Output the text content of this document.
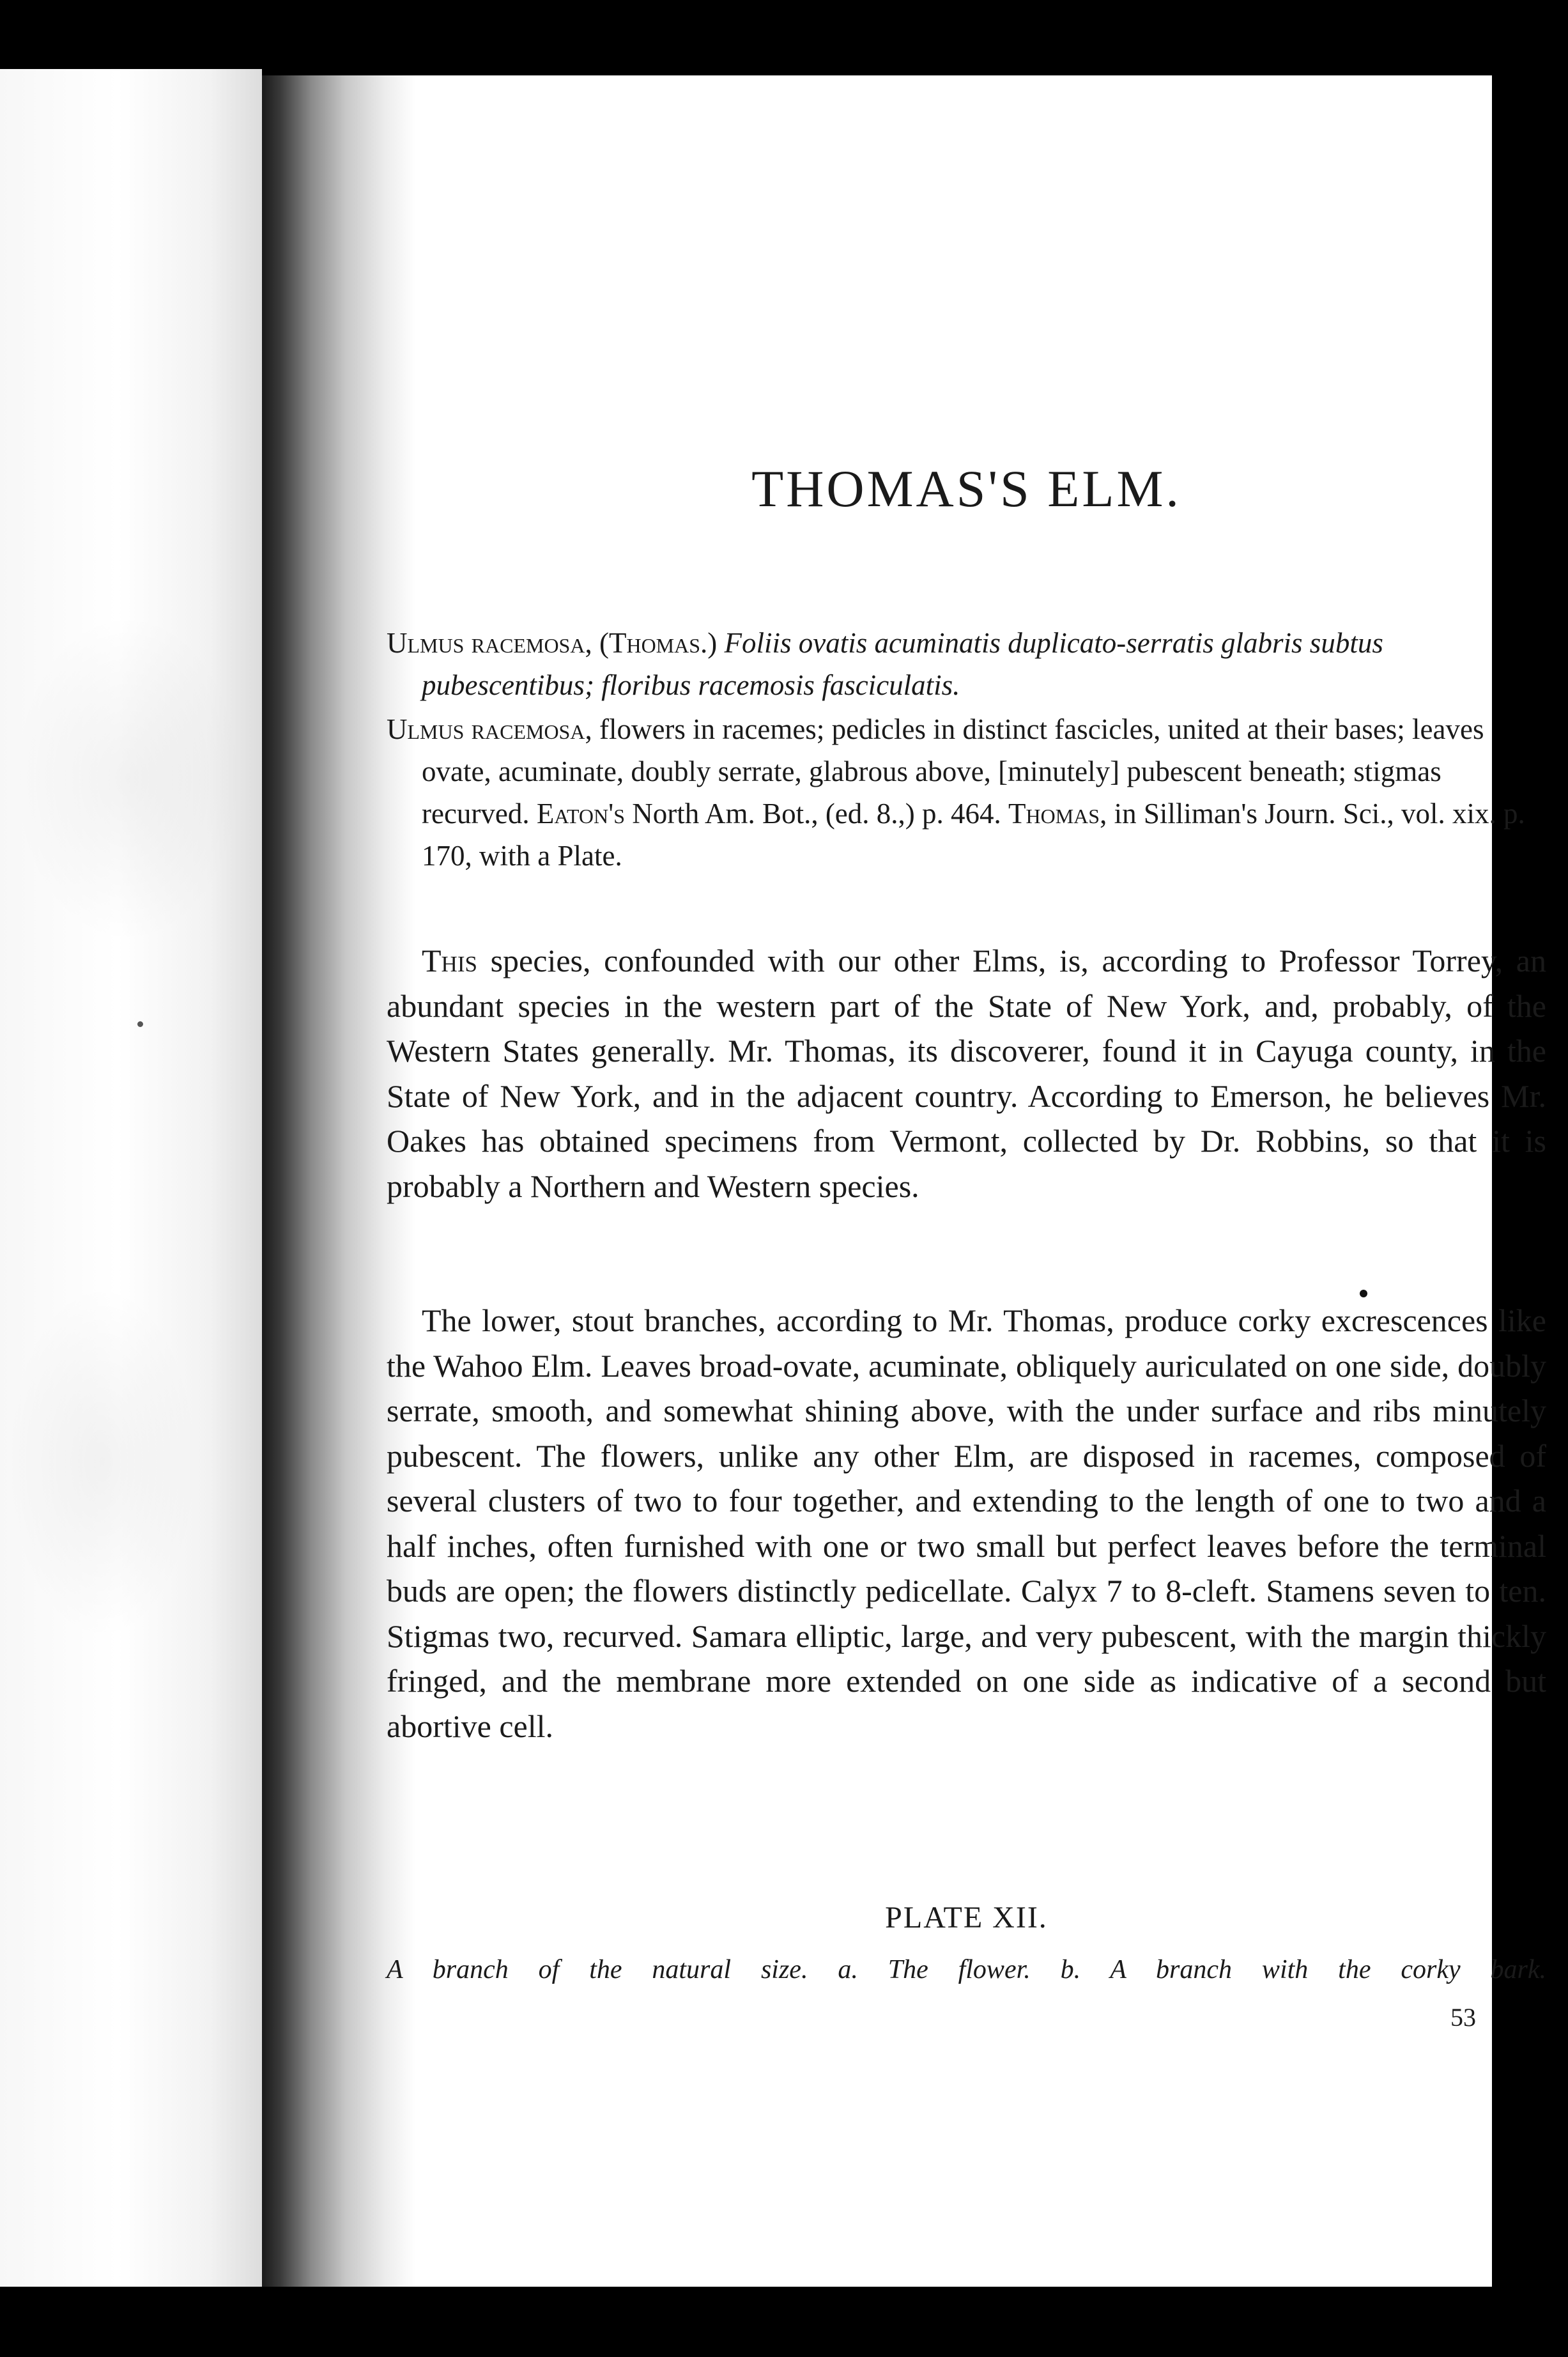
THOMAS'S ELM.

Ulmus racemosa, (Thomas.) Foliis ovatis acuminatis duplicato-serratis glabris subtus pubescentibus; floribus racemosis fasciculatis.

Ulmus racemosa, flowers in racemes; pedicles in distinct fascicles, united at their bases; leaves ovate, acuminate, doubly serrate, glabrous above, [minutely] pubescent beneath; stigmas recurved. Eaton's North Am. Bot., (ed. 8.,) p. 464. Thomas, in Silliman's Journ. Sci., vol. xix. p. 170, with a Plate.

This species, confounded with our other Elms, is, according to Professor Torrey, an abundant species in the western part of the State of New York, and, probably, of the Western States generally. Mr. Thomas, its discoverer, found it in Cayuga county, in the State of New York, and in the adjacent country. According to Emerson, he believes Mr. Oakes has obtained specimens from Vermont, collected by Dr. Robbins, so that it is probably a Northern and Western species.

The lower, stout branches, according to Mr. Thomas, produce corky excrescences like the Wahoo Elm. Leaves broad-ovate, acuminate, obliquely auriculated on one side, doubly serrate, smooth, and somewhat shining above, with the under surface and ribs minutely pubescent. The flowers, unlike any other Elm, are disposed in racemes, composed of several clusters of two to four together, and extending to the length of one to two and a half inches, often furnished with one or two small but perfect leaves before the terminal buds are open; the flowers distinctly pedicellate. Calyx 7 to 8-cleft. Stamens seven to ten. Stigmas two, recurved. Samara elliptic, large, and very pubescent, with the margin thickly fringed, and the membrane more extended on one side as indicative of a second but abortive cell.

PLATE XII.

A branch of the natural size. a. The flower. b. A branch with the corky bark.

53
